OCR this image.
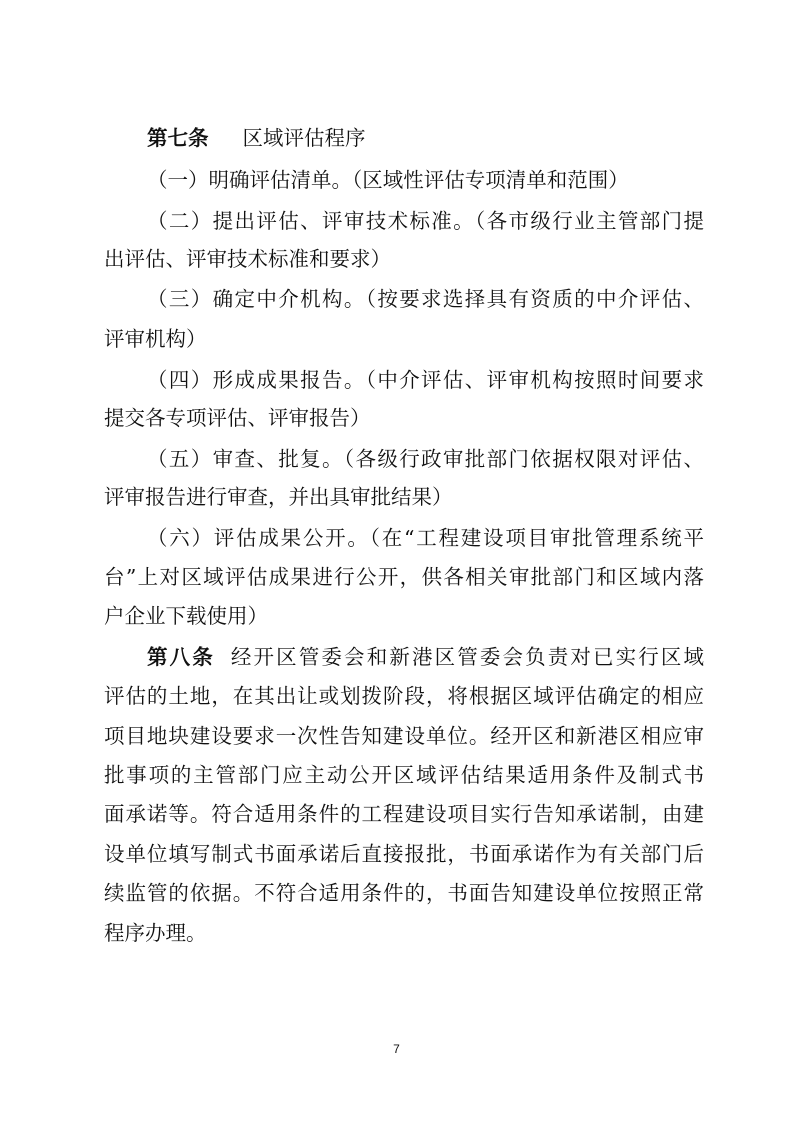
第七条 区域评估程序
（一）明确评估清单。（区域性评估专项清单和范围）
（二）提出评估、评审技术标准。（各市级行业主管部门提
出评估、评审技术标准和要求）
（三）确定中介机构。（按要求选择具有资质的中介评估、
评审机构）
（四）形成成果报告。（中介评估、评审机构按照时间要求
提交各专项评估、评审报告）
（五）审查、批复。（各级行政审批部门依据权限对评估、
评审报告进行审查，并出具审批结果）
（六）评估成果公开。（在“工程建设项目审批管理系统平
台”上对区域评估成果进行公开，供各相关审批部门和区域内落
户企业下载使用）
第八条 经开区管委会和新港区管委会负责对已实行区域
评估的土地，在其出让或划拨阶段，将根据区域评估确定的相应
项目地块建设要求一次性告知建设单位。经开区和新港区相应审
批事项的主管部门应主动公开区域评估结果适用条件及制式书
面承诺等。符合适用条件的工程建设项目实行告知承诺制，由建
设单位填写制式书面承诺后直接报批，书面承诺作为有关部门后
续监管的依据。不符合适用条件的，书面告知建设单位按照正常
程序办理。
7
